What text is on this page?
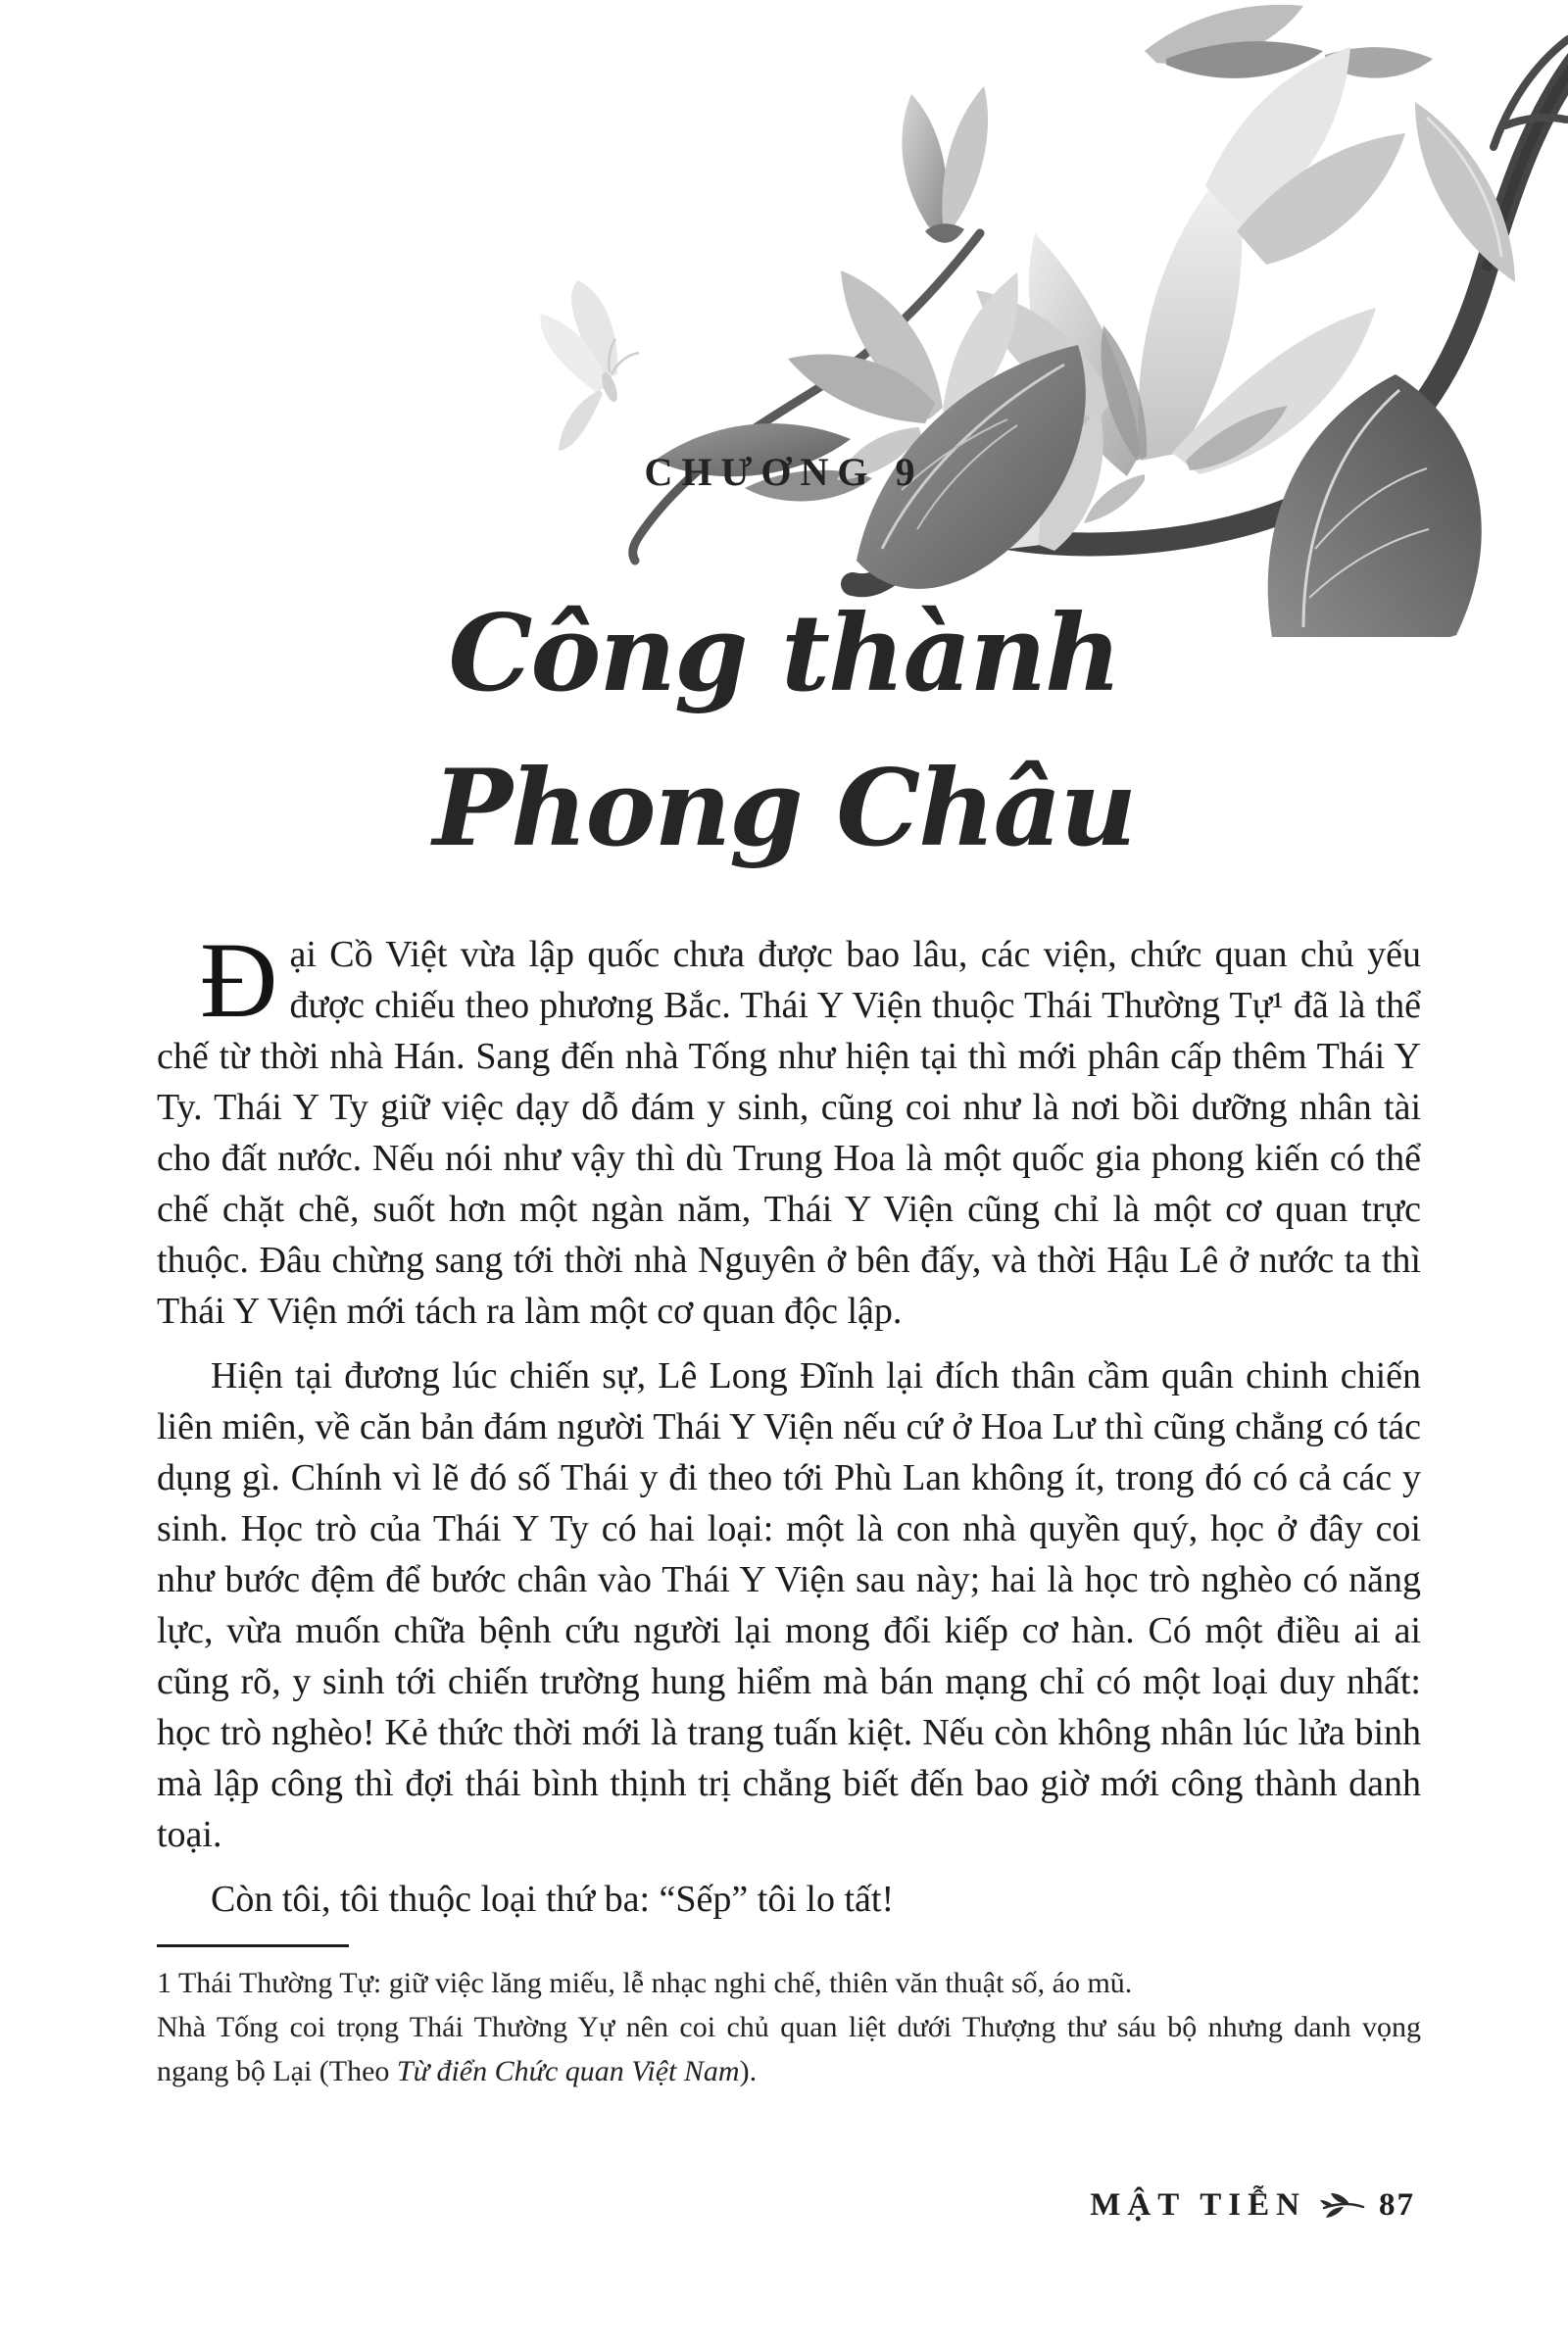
CHƯƠNG 9
Công thành
Phong Châu

Đại Cồ Việt vừa lập quốc chưa được bao lâu, các viện, chức quan chủ yếu được chiếu theo phương Bắc. Thái Y Viện thuộc Thái Thường Tự¹ đã là thể chế từ thời nhà Hán. Sang đến nhà Tống như hiện tại thì mới phân cấp thêm Thái Y Ty. Thái Y Ty giữ việc dạy dỗ đám y sinh, cũng coi như là nơi bồi dưỡng nhân tài cho đất nước. Nếu nói như vậy thì dù Trung Hoa là một quốc gia phong kiến có thể chế chặt chẽ, suốt hơn một ngàn năm, Thái Y Viện cũng chỉ là một cơ quan trực thuộc. Đâu chừng sang tới thời nhà Nguyên ở bên đấy, và thời Hậu Lê ở nước ta thì Thái Y Viện mới tách ra làm một cơ quan độc lập.

Hiện tại đương lúc chiến sự, Lê Long Đĩnh lại đích thân cầm quân chinh chiến liên miên, về căn bản đám người Thái Y Viện nếu cứ ở Hoa Lư thì cũng chẳng có tác dụng gì. Chính vì lẽ đó số Thái y đi theo tới Phù Lan không ít, trong đó có cả các y sinh. Học trò của Thái Y Ty có hai loại: một là con nhà quyền quý, học ở đây coi như bước đệm để bước chân vào Thái Y Viện sau này; hai là học trò nghèo có năng lực, vừa muốn chữa bệnh cứu người lại mong đổi kiếp cơ hàn. Có một điều ai ai cũng rõ, y sinh tới chiến trường hung hiểm mà bán mạng chỉ có một loại duy nhất: học trò nghèo! Kẻ thức thời mới là trang tuấn kiệt. Nếu còn không nhân lúc lửa binh mà lập công thì đợi thái bình thịnh trị chẳng biết đến bao giờ mới công thành danh toại.

Còn tôi, tôi thuộc loại thứ ba: “Sếp” tôi lo tất!

1 Thái Thường Tự: giữ việc lăng miếu, lễ nhạc nghi chế, thiên văn thuật số, áo mũ.

Nhà Tống coi trọng Thái Thường Yự nên coi chủ quan liệt dưới Thượng thư sáu bộ nhưng danh vọng ngang bộ Lại (Theo Từ điển Chức quan Việt Nam).

MẬT TIỄN 87
